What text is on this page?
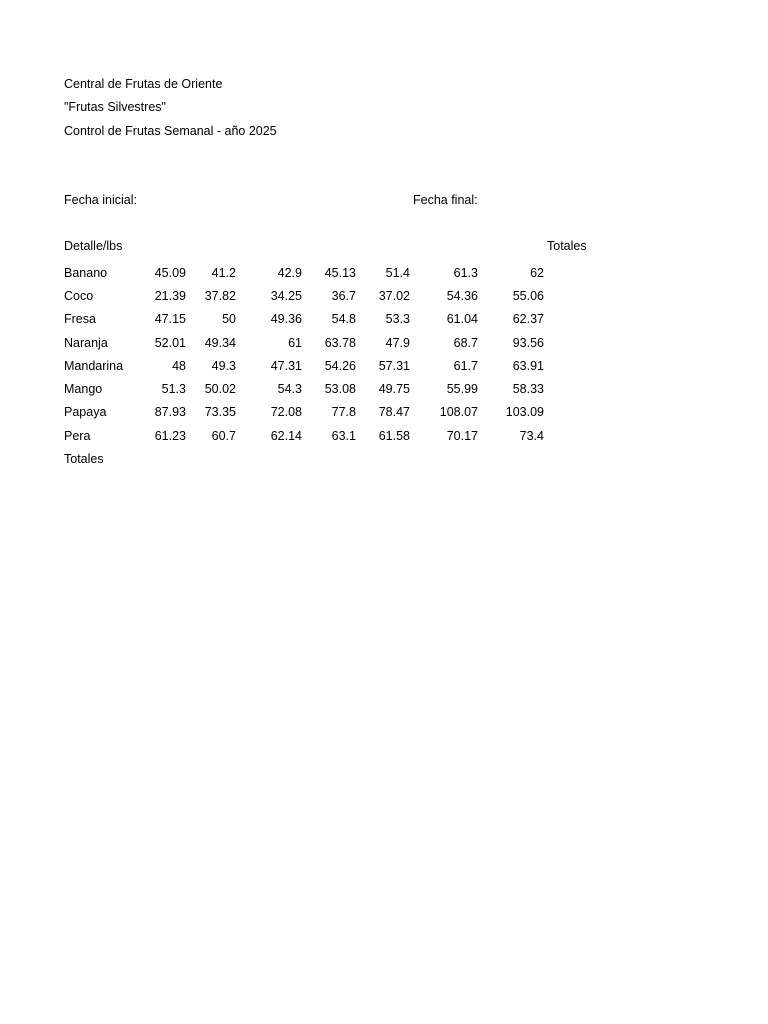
Central de Frutas de Oriente
"Frutas Silvestres"
Control de Frutas Semanal - año 2025
Fecha inicial:	Fecha final:
Detalle/lbs	Totales
Banano	45.09	41.2	42.9	45.13	51.4	61.3	62
Coco	21.39	37.82	34.25	36.7	37.02	54.36	55.06
Fresa	47.15	50	49.36	54.8	53.3	61.04	62.37
Naranja	52.01	49.34	61	63.78	47.9	68.7	93.56
Mandarina	48	49.3	47.31	54.26	57.31	61.7	63.91
Mango	51.3	50.02	54.3	53.08	49.75	55.99	58.33
Papaya	87.93	73.35	72.08	77.8	78.47	108.07	103.09
Pera	61.23	60.7	62.14	63.1	61.58	70.17	73.4
Totales							
